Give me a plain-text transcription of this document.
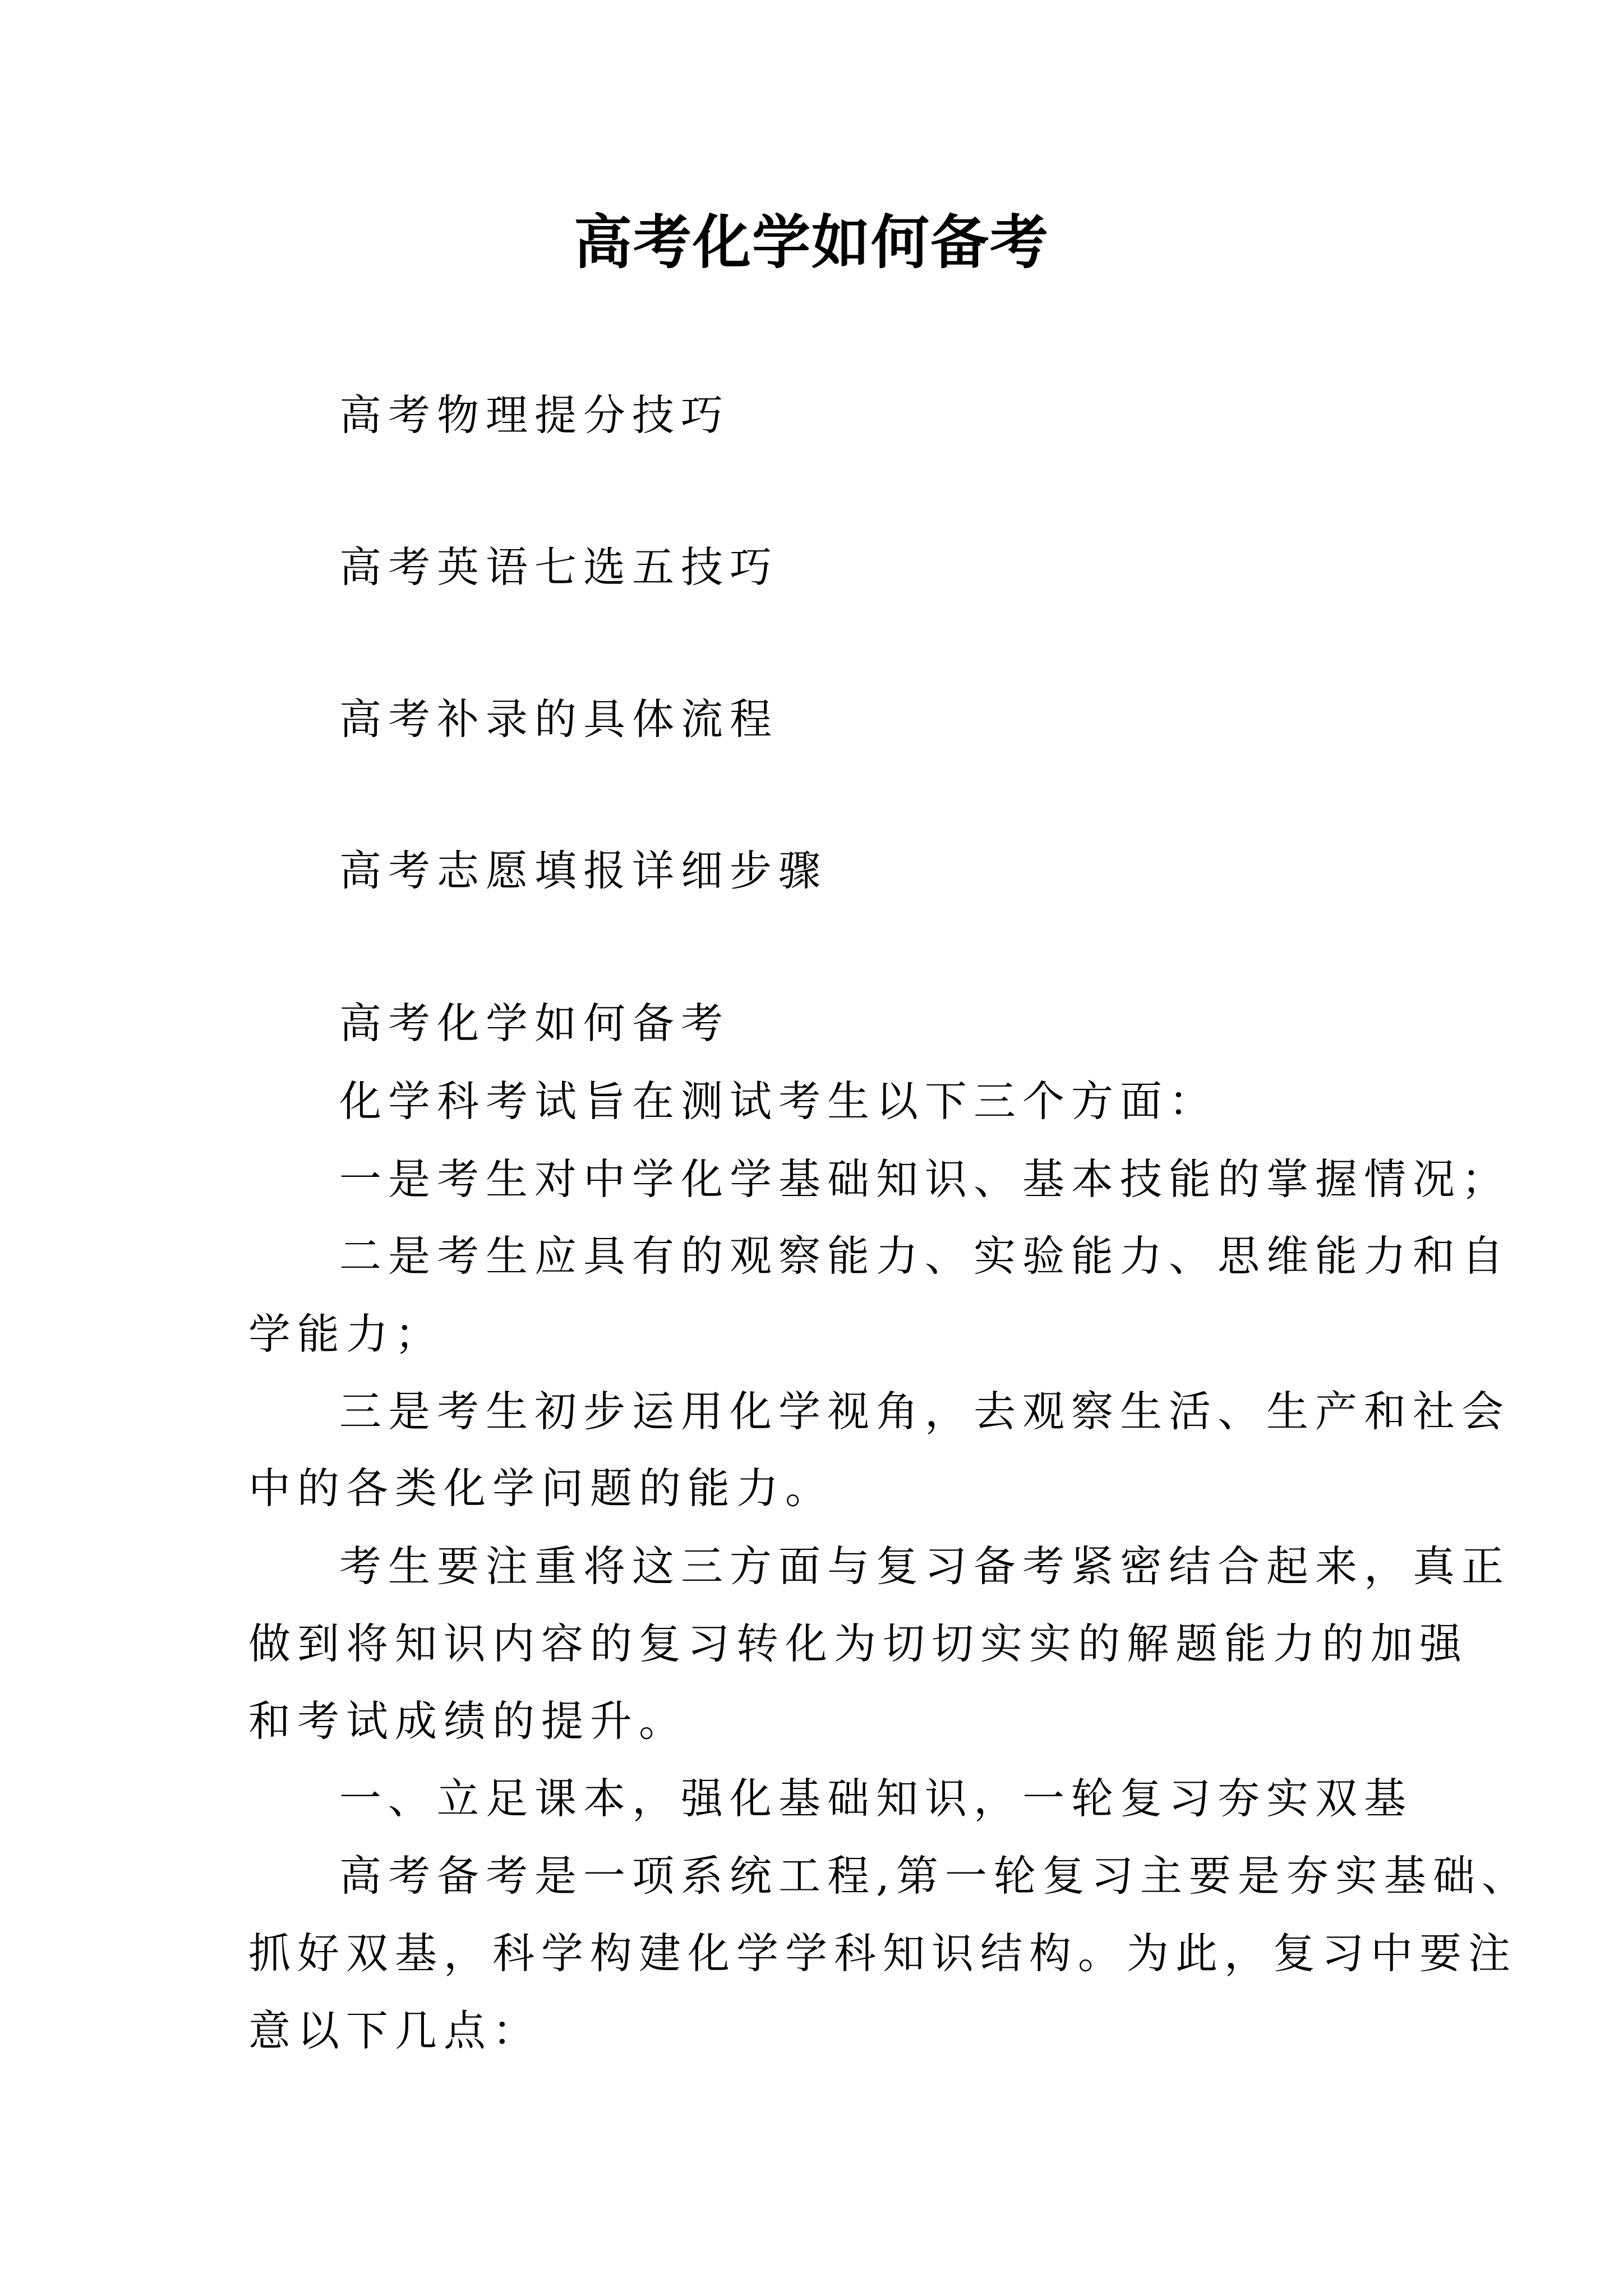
高考化学如何备考

高考物理提分技巧

高考英语七选五技巧

高考补录的具体流程

高考志愿填报详细步骤

高考化学如何备考

化学科考试旨在测试考生以下三个方面：

一是考生对中学化学基础知识、基本技能的掌握情况；

二是考生应具有的观察能力、实验能力、思维能力和自

学能力；

三是考生初步运用化学视角，去观察生活、生产和社会

中的各类化学问题的能力。

考生要注重将这三方面与复习备考紧密结合起来，真正

做到将知识内容的复习转化为切切实实的解题能力的加强

和考试成绩的提升。

一、立足课本，强化基础知识，一轮复习夯实双基

高考备考是一项系统工程,第一轮复习主要是夯实基础、

抓好双基，科学构建化学学科知识结构。为此，复习中要注

意以下几点：
